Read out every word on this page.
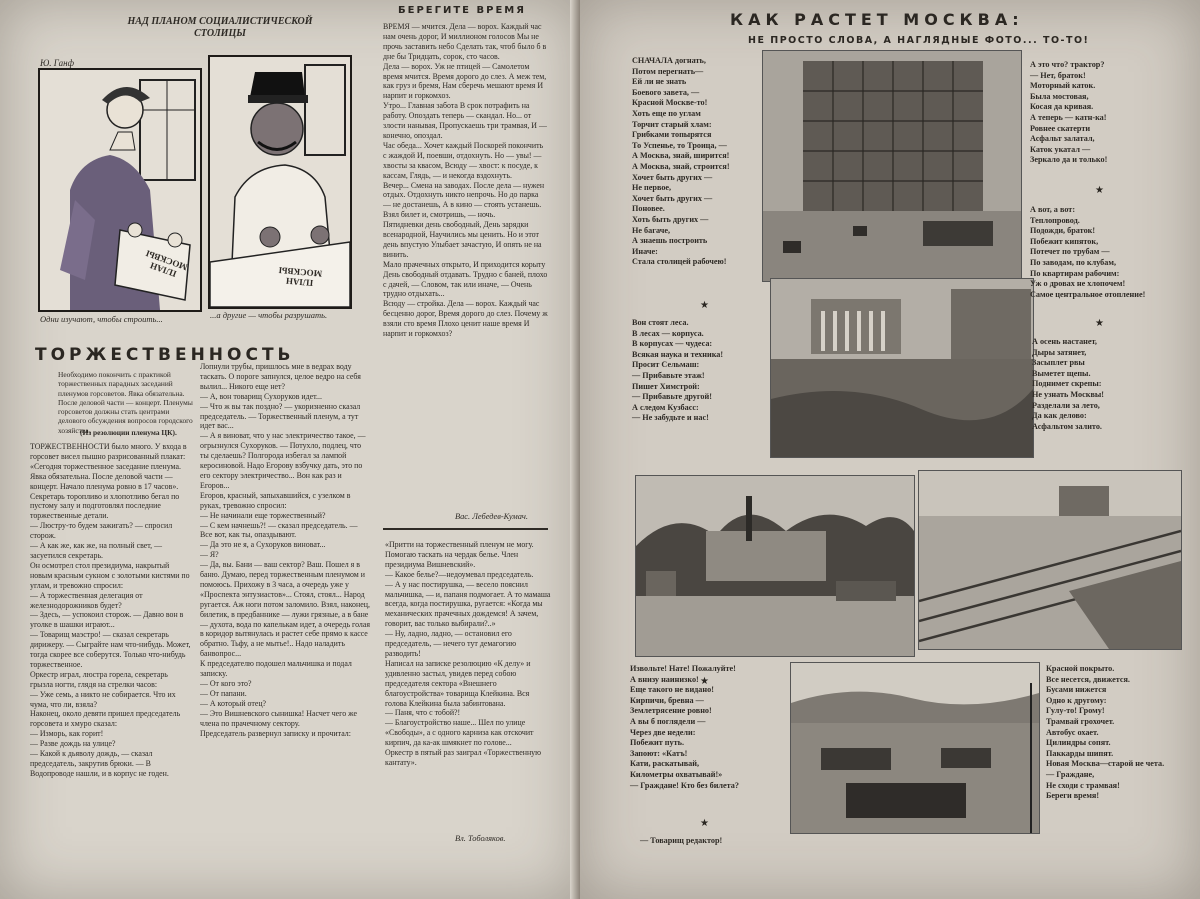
НАД ПЛАНОМ СОЦИАЛИСТИЧЕСКОЙ
СТОЛИЦЫ
Ю. Ганф
ПЛАН
МОСКВЫ
ПЛАН
МОСКВЫ
Одни изучают, чтобы строить...	...а другие — чтобы разрушать.
ТОРЖЕСТВЕННОСТЬ
Необходимо покончить с практикой торжественных парадных заседаний пленумов горсоветов. Явка обязательна. После деловой части — концерт. Пленумы горсоветов должны стать центрами делового обсуждения вопросов городского хозяйства.
(Из резолюции пленума ЦК).
ТОРЖЕСТВЕННОСТИ было много. У входа в горсовет висел пышно разрисованный плакат:
«Сегодня торжественное заседание пленума. Явка обязательна. После деловой части — концерт. Начало пленума ровно в 17 часов».
Секретарь торопливо и хлопотливо бегал по пустому залу и подготовлял последние торжественные детали.
— Люстру-то будем зажигать? — спросил сторож.
— А как же, как же, на полный свет, — засуетился секретарь.
Он осмотрел стол президиума, накрытый новым красным сукном с золотыми кистями по углам, и тревожно спросил:
— А торжественная делегация от железнодорожников будет?
— Здесь, — успокоил сторож. — Давно вон в уголке в шашки играют...
— Товарищ маэстро! — сказал секретарь дирижеру. — Сыграйте нам что-нибудь. Может, тогда скорее все соберутся. Только что-нибудь торжественное.
Оркестр играл, люстра горела, секретарь грызла ногти, глядя на стрелки часов:
— Уже семь, а никто не собирается. Что их чума, что ли, взяла?
Наконец, около девяти пришел председатель горсовета и хмуро сказал:
— Изморь, как горит!
— Разве дождь на улице?
— Какой к дьяволу дождь, — сказал председатель, закрутив брюки. — В Водопроводе нашли, и в корпус не годен.
Лопнули трубы, пришлось мне в ведрах воду таскать. О пороге запнулся, целое ведро на себя вылил... Никого еще нет?
— А, вон товарищ Сухоруков идет...
— Что ж вы так поздно? — укоризненно сказал председатель. — Торжественный пленум, а тут идет вас...
— А я виноват, что у нас электричество такое, — огрызнулся Сухоруков. — Потухло, подлец, что ты сделаешь? Полгорода избегал за лампой керосиновой. Надо Егорову взбучку дать, это по его сектору электричество... Вон как раз и Егоров...
Егоров, красный, запыхавшийся, с узелком в руках, тревожно спросил:
— Не начинали еще торжественный?
— С кем начнешь?! — сказал председатель. — Все вот, как ты, опаздывают.
— Да это не я, а Сухоруков виноват...
— Я?
— Да, вы. Бани — ваш сектор? Ваш. Пошел я в баню. Думаю, перед торжественным пленумом и помоюсь. Прихожу в 3 часа, а очередь уже у «Проспекта энтузиастов»... Стоял, стоял... Народ ругается. Аж ноги потом заломило. Взял, наконец, билетик, в предбаннике — лужи грязные, а в бане — духота, вода по капелькам идет, а очередь голая в коридор вытянулась и растет себе прямо к кассе обратно. Тьфу, а не мытье!.. Надо наладить банвопрос...
К председателю подошел мальчишка и подал записку.
— От кого это?
— От папани.
— А который отец?
— Это Вишневского сынишка! Насчет чего же члена по прачечному сектору.
Председатель развернул записку и прочитал:
БЕРЕГИТЕ ВРЕМЯ
ВРЕМЯ — мчится. Дела — ворох. Каждый час нам очень дорог, И миллионом голосов Мы не прочь заставить небо Сделать так, чтоб было б в дне бы Тридцать, сорок, сто часов.
Дела — ворох. Уж не птицей — Самолетом время мчится. Время дорого до слез. А меж тем, как груз и бремя, Нам сберечь мешают время И нарпит и горкомхоз.
Утро... Главная забота В срок потрафить на работу. Опоздать теперь — скандал. Но... от злости нанывая, Пропускаешь три трамвая, И — конечно, опоздал.
Час обеда... Хочет каждый Поскорей покончить с жаждой И, поевши, отдохнуть. Но — увы! — хвосты за квасом, Всюду — хвост: к посуде, к кассам, Глядь, — и некогда вздохнуть.
Вечер... Смена на заводах. После дела — нужен отдых. Отдохнуть никто непрочь. Но до парка — не достанешь, А в кино — стоять устанешь. Взял билет и, смотришь, — ночь.
Пятидневки день свободный, День зарядки всенародной, Научились мы ценить. Но и этот день впустую Улыбает зачастую, И опять не на винить.
Мало прачечных открыто, И приходится корыту День свободный отдавать. Трудно с баней, плохо с дачей, — Словом, так или иначе, — Очень трудно отдыхать...
Всюду — стройка. Дела — ворох. Каждый час бесценно дорог, Время дорого до слез. Почему ж взяли сто время Плохо ценит наше время И нарпит и горкомхоз?
Вас. Лебедев-Кумач.
«Притти на торжественный пленум не могу. Помогаю таскать на чердак белье. Член президиума Вишневский».
— Какое белье?—недоумевал председатель.
— А у нас постирушка, — весело пояснил мальчишка, — и, папаня подмогает. А то мамаша всегда, когда постирушка, ругается: «Когда мы механических прачечных дождемся! А зачем, говорит, вас только выбирали?..»
— Ну, ладно, ладно, — остановил его председатель, — нечего тут демагогию разводить!
Написал на записке резолюцию «К делу» и удивленно застыл, увидев перед собою председателя сектора «Внешнего благоустройства» товарища Клейкина. Вся голова Клейкина была забинтована.
— Паня, что с тобой?!
— Благоустройство наше... Шел по улице «Свободы», а с одного карниза как отскочит кирпич, да ка-ак шмякнет по голове...
Оркестр в пятый раз заиграл «Торжественную кантату».
Вл. Тоболяков.
КАК РАСТЕТ МОСКВА:
НЕ ПРОСТО СЛОВА, А НАГЛЯДНЫЕ ФОТО... ТО-ТО!
СНАЧАЛА догнать,
Потом перегнать—
Ей ли не знать
Боевого завета, —
Красной Москве-то!
Хоть еще по углам
Торчит старый хлам:
Грибками топырятся
То Успенье, то Троица, —
А Москва, знай, ширится!
А Москва, знай, строится!
Хочет быть других —
Не первое,
Хочет быть других —
Поновее.
Хоть быть других —
Не багаче,
А знаешь построить
Иначе:
Стала столицей рабочею!
★
Вон стоят леса.
В лесах — корпуса.
В корпусах — чудеса:
Всякая наука и техника!
Просит Сельмаш:
— Прибавьте этаж!
Пишет Химстрой:
— Прибавьте другой!
А следом Кузбасс:
— Не забудьте и нас!
А это что? трактор?
— Нет, браток!
Моторный каток.
Была мостовая,
Косая да кривая.
А теперь — катн-ка!
Ровнее скатерти
Асфальт залатал,
Каток укатал —
Зеркало да и только!
★
А вот, а вот:
Теплопровод.
Подожди, браток!
Побежит кипяток,
Потечет по трубам —
По заводам, по клубам,
По квартирам рабочим:
Уж о дровах не хлопочем!
Самое центральное отопление!
★
А осень настанет,
Дыры затянет,
Засыплет рвы
Выметет щепы.
Поднимет скрепы:
Не узнать Москвы!
Разделали за лето,
Да как делово:
Асфальтом залито.
Извольте! Нате! Пожалуйте!
А внизу наинизко!
Еще такого не видано!
Кирпичи, бревна —
Землетрясение ровно!
А вы б поглядели —
Через две недели:
Побежит путь.
Запоют: «Катъ!
Кати, раскатывай,
Километры охватывай!»
— Граждане! Кто без билета?
★
★
— Товарищ редактор!
Красной покрыто.
Все несется, движется.
Бусами нижется
Одно к другому:
Гулу-то! Грому!
Трамвай грохочет.
Автобус охает.
Цилиндры сопят.
Паккарды шипят.
Новая Москва—старой не чета.
— Граждане,
Не сходи с трамвая!
Береги время!
